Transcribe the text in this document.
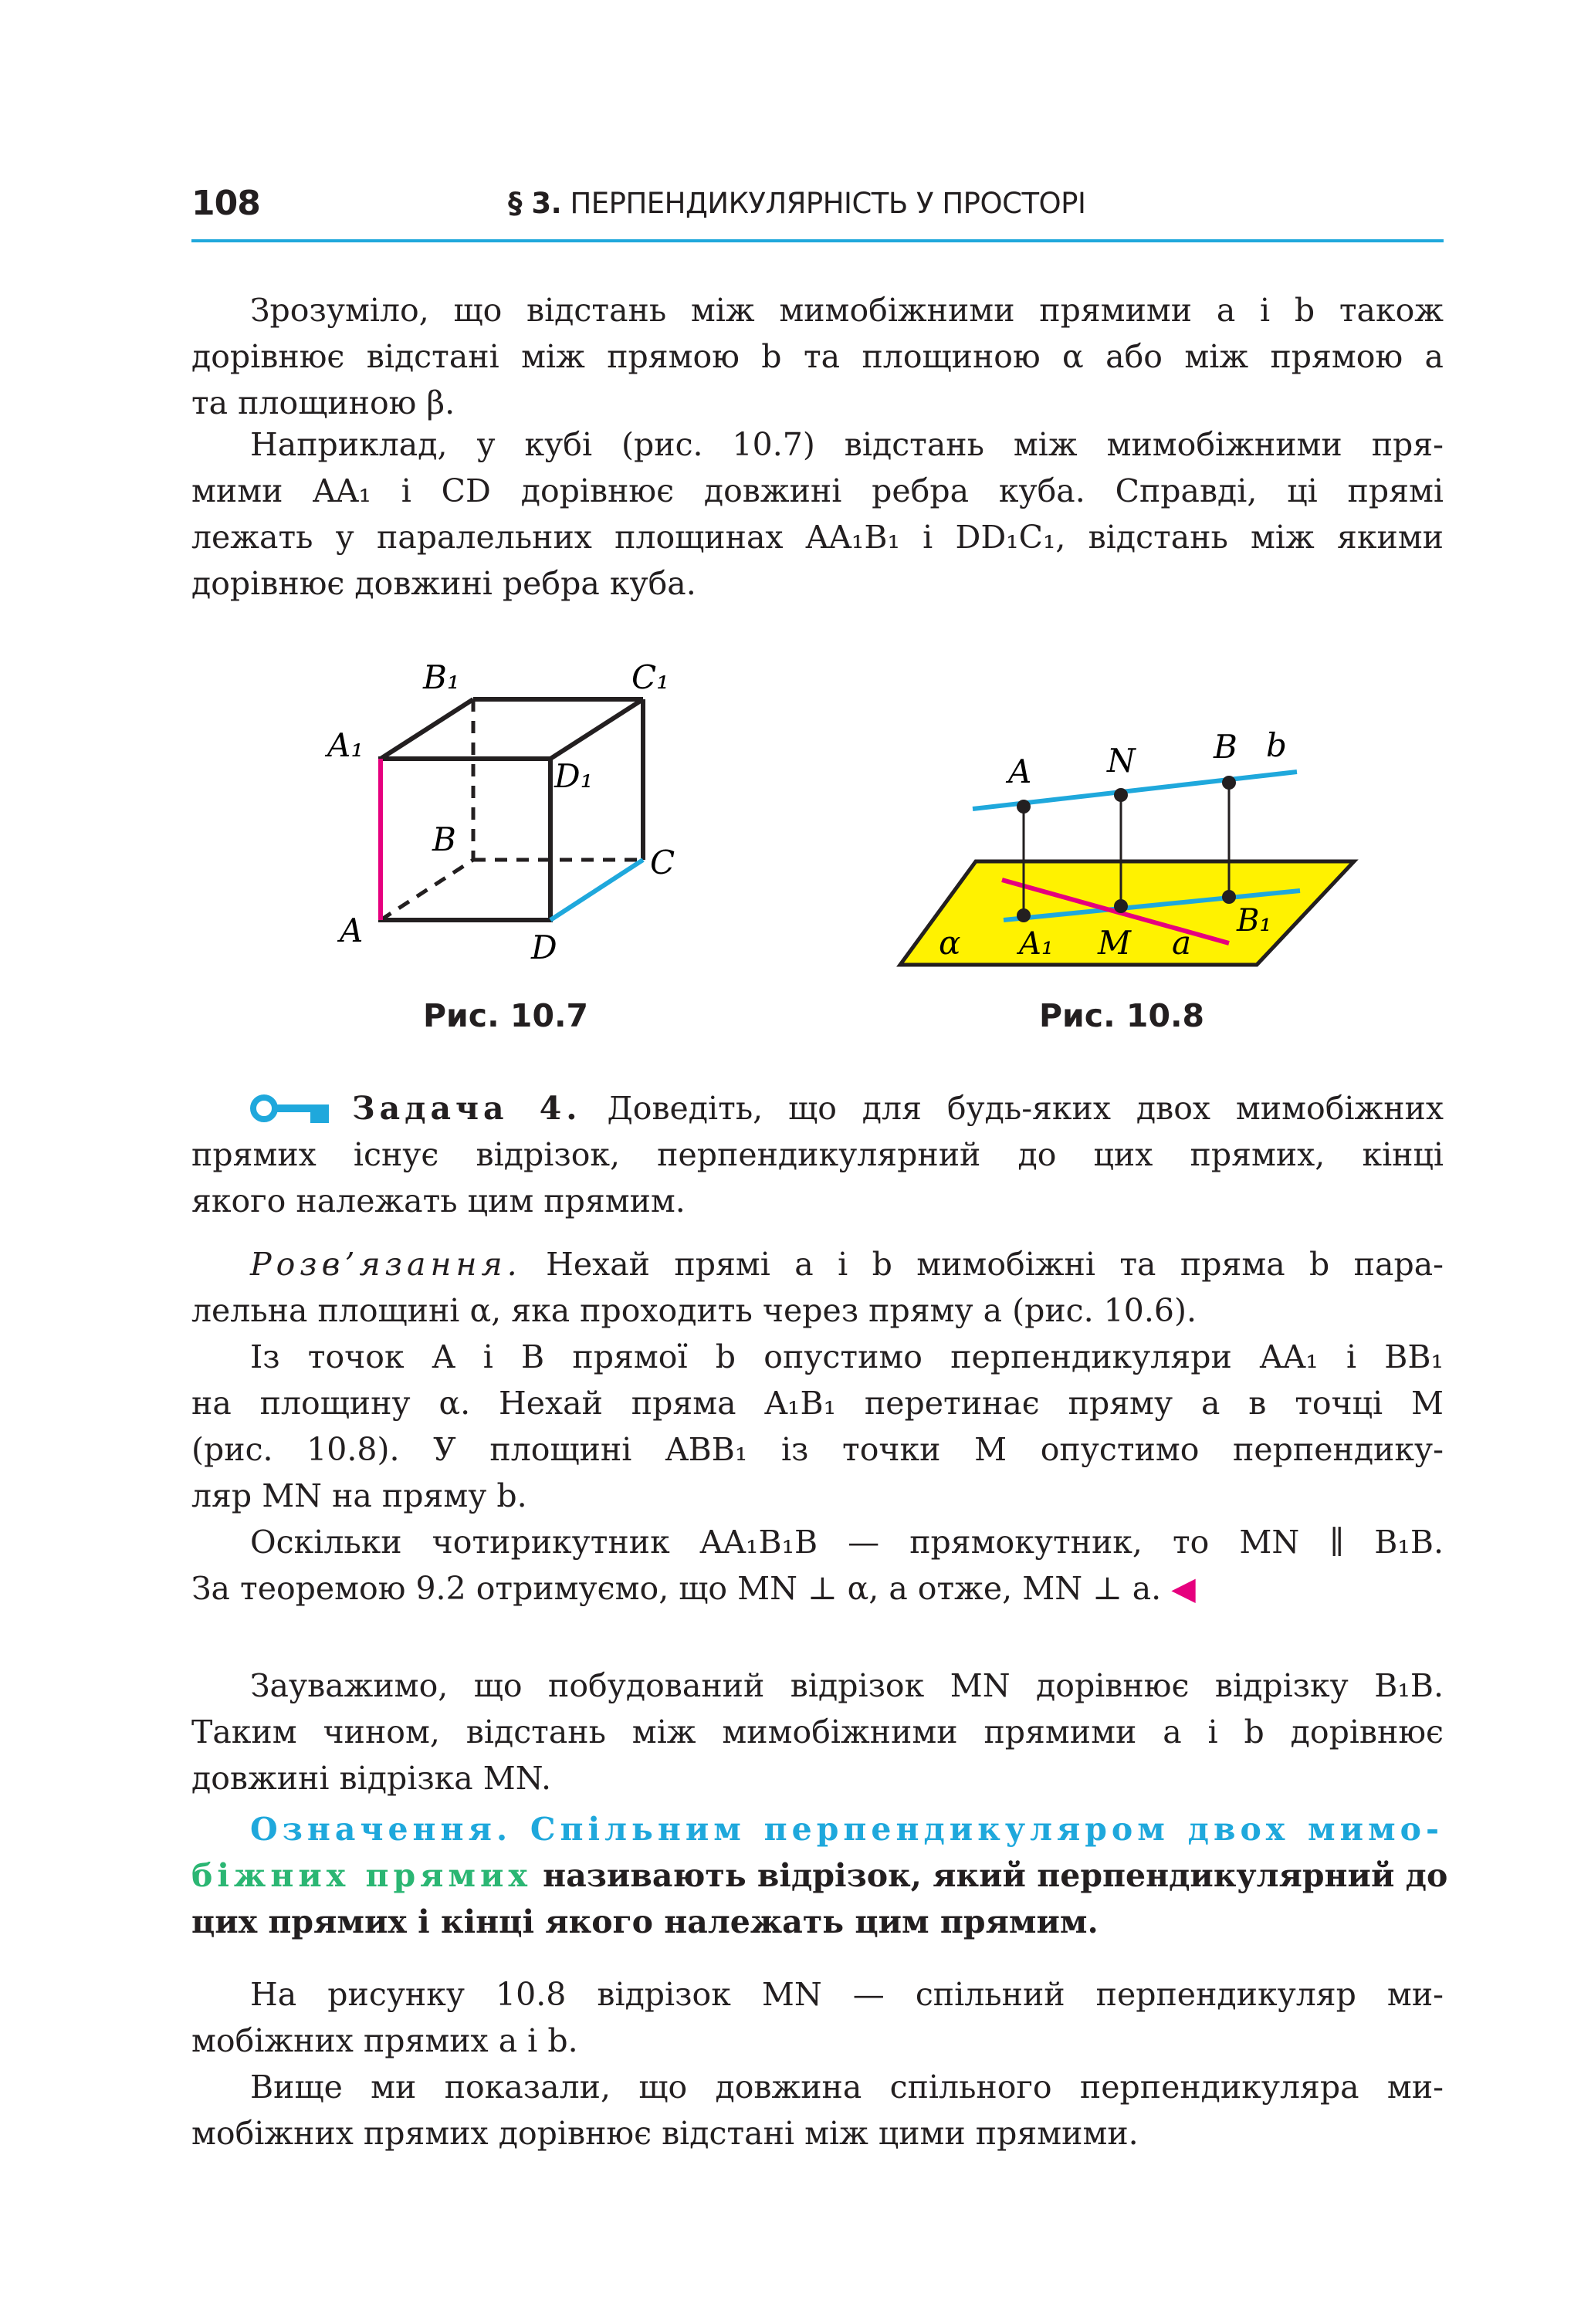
108	§ 3. ПЕРПЕНДИКУЛЯРНІСТЬ У ПРОСТОРІ
Зрозуміло, що відстань між мимобіжними прямими a і b також
дорівнює відстані між прямою b та площиною α або між прямою a
та площиною β.
Наприклад, у кубі (рис. 10.7) відстань між мимобіжними пря-
мими AA₁ і CD дорівнює довжині ребра куба. Справді, ці прямі
лежать у паралельних площинах AA₁B₁ і DD₁C₁, відстань між якими
дорівнює довжині ребра куба.
A
B
C
D
A₁
B₁	C₁
D₁
Рис. 10.7
A N B b
B₁
α A₁ M a
Рис. 10.8
Задача 4. Доведіть, що для будь-яких двох мимобіжних
прямих існує відрізок, перпендикулярний до цих прямих, кінці
якого належать цим прямим.
Розв’язання. Нехай прямі a і b мимобіжні та пряма b пара-
лельна площині α, яка проходить через пряму a (рис. 10.6).
Із точок A і B прямої b опустимо перпендикуляри AA₁ і BB₁
на площину α. Нехай пряма A₁B₁ перетинає пряму a в точці M
(рис. 10.8). У площині ABB₁ із точки M опустимо перпендику-
ляр MN на пряму b.
Оскільки чотирикутник AA₁B₁B — прямокутник, то MN ∥ B₁B.
За теоремою 9.2 отримуємо, що MN ⊥ α, а отже, MN ⊥ a. ◀
Зауважимо, що побудований відрізок MN дорівнює відрізку B₁B.
Таким чином, відстань між мимобіжними прямими a і b дорівнює
довжині відрізка MN.
Означення. Спільним перпендикуляром двох мимо-
біжних прямих називають відрізок, який перпендикулярний до
цих прямих і кінці якого належать цим прямим.
На рисунку 10.8 відрізок MN — спільний перпендикуляр ми-
мобіжних прямих a і b.
Вище ми показали, що довжина спільного перпендикуляра ми-
мобіжних прямих дорівнює відстані між цими прямими.
